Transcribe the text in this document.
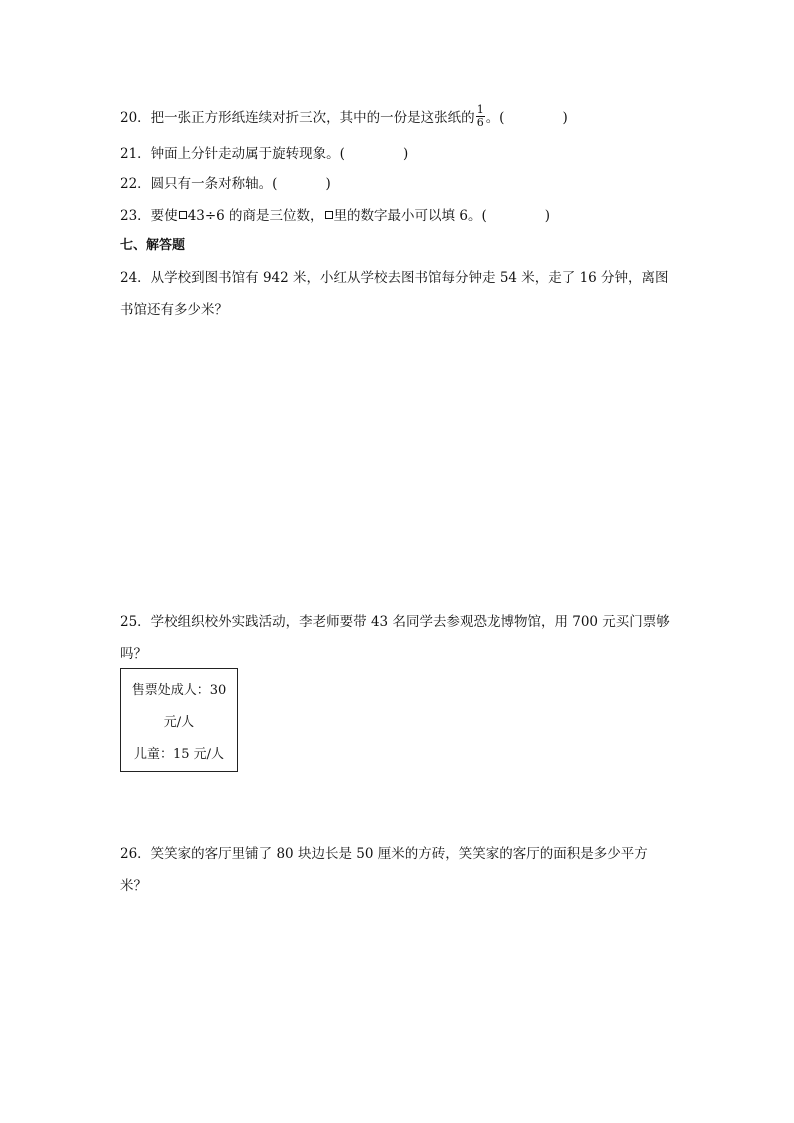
20．把一张正方形纸连续对折三次，其中的一份是这张纸的 $\frac{1}{6}$ 。(	)
21．钟面上分针走动属于旋转现象。(	)
22．圆只有一条对称轴。(	)
23．要使 43÷6 的商是三位数， 里的数字最小可以填 6。(	)
七、解答题
24．从学校到图书馆有 942 米，小红从学校去图书馆每分钟走 54 米，走了 16 分钟，离图
书馆还有多少米？
25．学校组织校外实践活动，李老师要带 43 名同学去参观恐龙博物馆，用 700 元买门票够
吗？
售票处成人：30
元/人
儿童：15 元/人
26．笑笑家的客厅里铺了 80 块边长是 50 厘米的方砖，笑笑家的客厅的面积是多少平方
米？
